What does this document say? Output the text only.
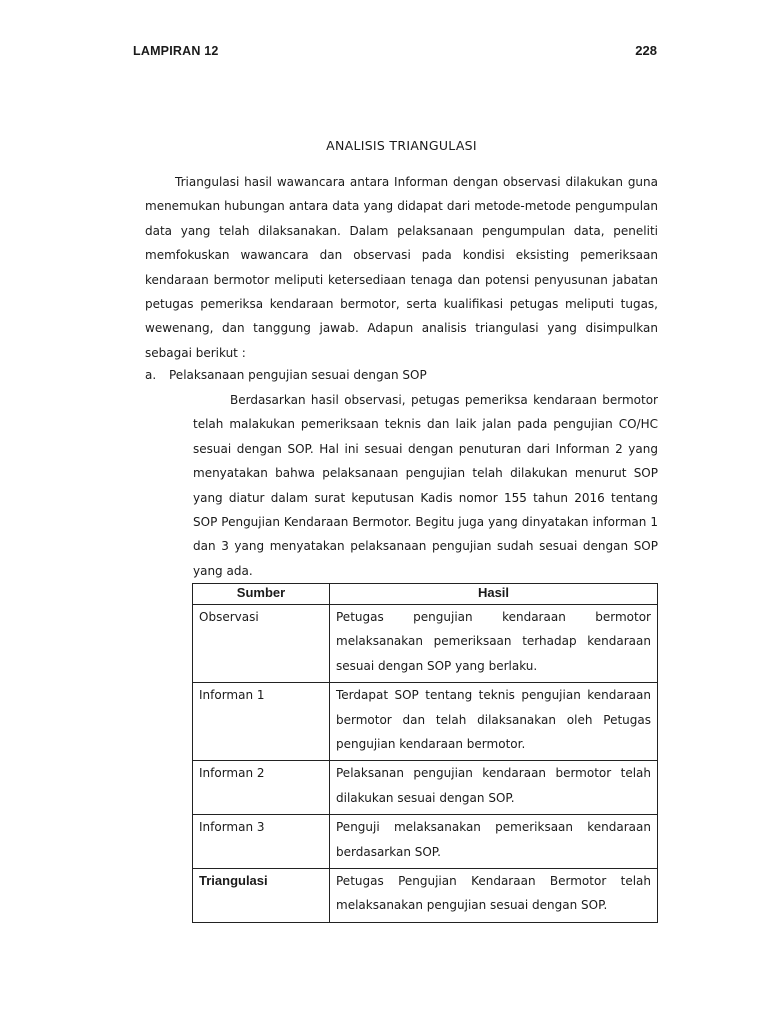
LAMPIRAN 12	228
ANALISIS TRIANGULASI

Triangulasi hasil wawancara antara Informan dengan observasi dilakukan guna menemukan hubungan antara data yang didapat dari metode-metode pengumpulan data yang telah dilaksanakan. Dalam pelaksanaan pengumpulan data, peneliti memfokuskan wawancara dan observasi pada kondisi eksisting pemeriksaan kendaraan bermotor meliputi ketersediaan tenaga dan potensi penyusunan jabatan petugas pemeriksa kendaraan bermotor, serta kualifikasi petugas meliputi tugas, wewenang, dan tanggung jawab. Adapun analisis triangulasi yang disimpulkan sebagai berikut :

a. Pelaksanaan pengujian sesuai dengan SOP

Berdasarkan hasil observasi, petugas pemeriksa kendaraan bermotor telah malakukan pemeriksaan teknis dan laik jalan pada pengujian CO/HC sesuai dengan SOP. Hal ini sesuai dengan penuturan dari Informan 2 yang menyatakan bahwa pelaksanaan pengujian telah dilakukan menurut SOP yang diatur dalam surat keputusan Kadis nomor 155 tahun 2016 tentang SOP Pengujian Kendaraan Bermotor. Begitu juga yang dinyatakan informan 1 dan 3 yang menyatakan pelaksanaan pengujian sudah sesuai dengan SOP yang ada.

Sumber	Hasil
Observasi	Petugas pengujian kendaraan bermotor melaksanakan pemeriksaan terhadap kendaraan sesuai dengan SOP yang berlaku.
Informan 1	Terdapat SOP tentang teknis pengujian kendaraan bermotor dan telah dilaksanakan oleh Petugas pengujian kendaraan bermotor.
Informan 2	Pelaksanan pengujian kendaraan bermotor telah dilakukan sesuai dengan SOP.
Informan 3	Penguji melaksanakan pemeriksaan kendaraan berdasarkan SOP.
Triangulasi	Petugas Pengujian Kendaraan Bermotor telah melaksanakan pengujian sesuai dengan SOP.
